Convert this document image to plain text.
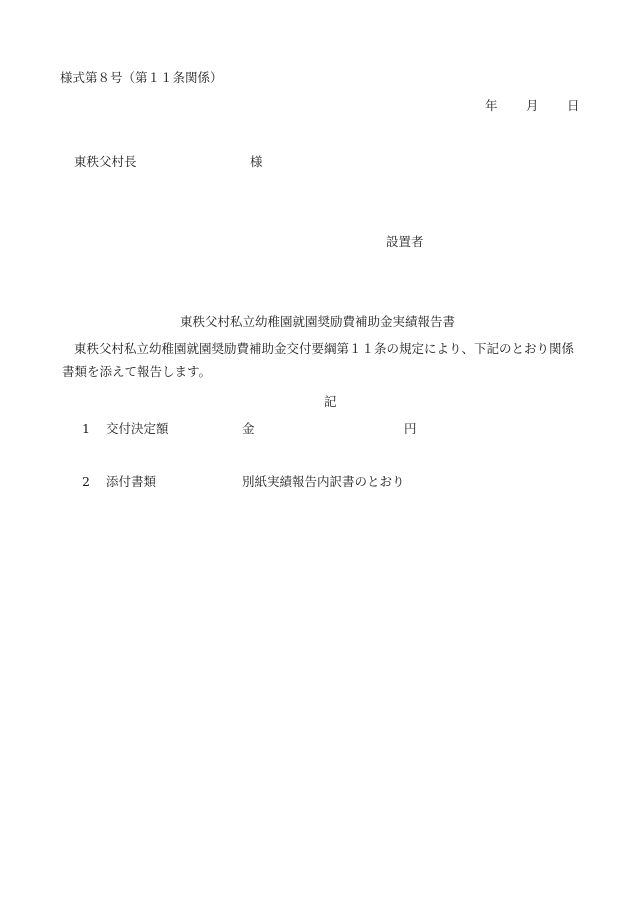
様式第８号（第１１条関係）
年 月 日
東秩父村長	様
設置者
東秩父村私立幼稚園就園奨励費補助金実績報告書
東秩父村私立幼稚園就園奨励費補助金交付要綱第１１条の規定により、下記のとおり関係書類を添えて報告します。
記
1 交付決定額	金	円
2 添付書類	別紙実績報告内訳書のとおり
